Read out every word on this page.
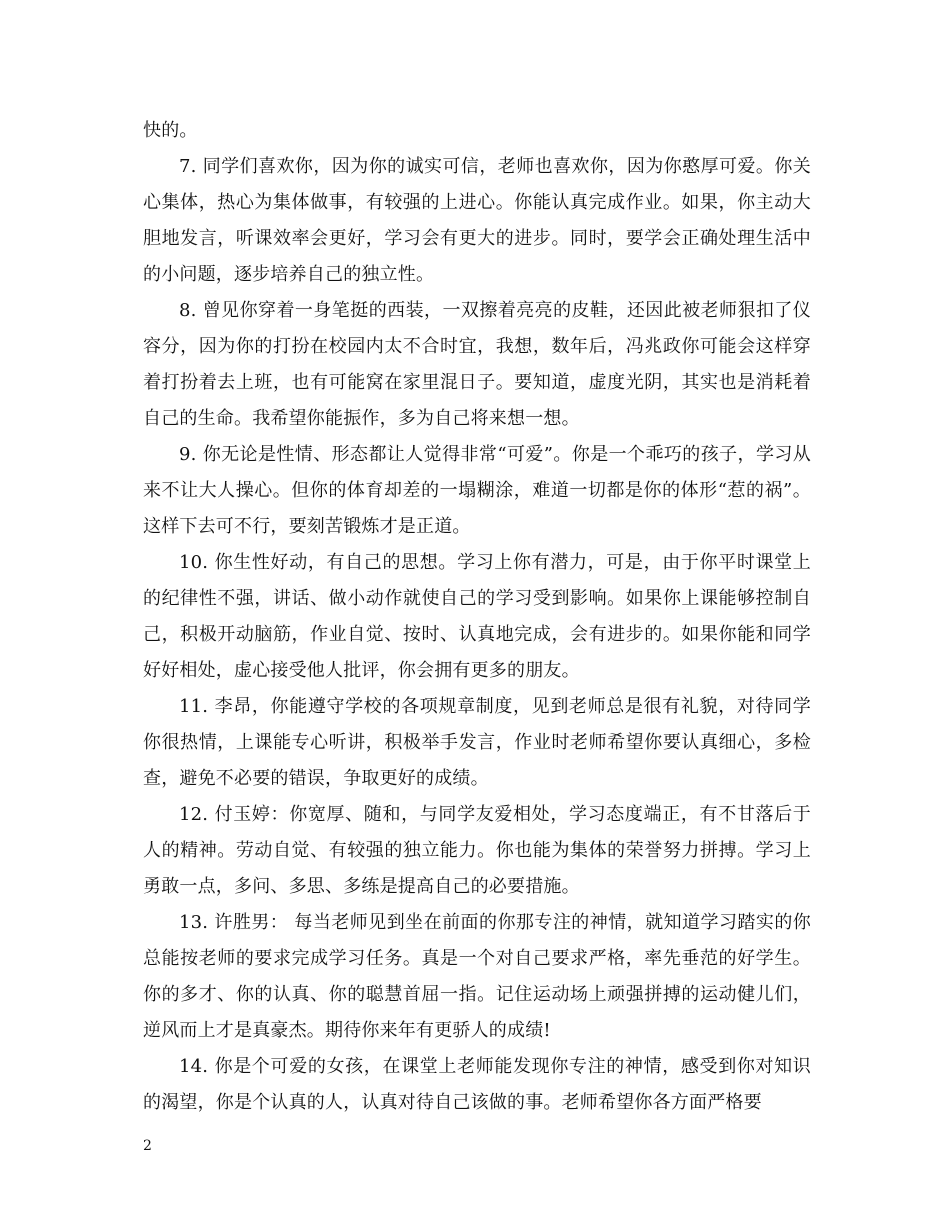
快的。

7. 同学们喜欢你，因为你的诚实可信，老师也喜欢你，因为你憨厚可爱。你关心集体，热心为集体做事，有较强的上进心。你能认真完成作业。如果，你主动大胆地发言，听课效率会更好，学习会有更大的进步。同时，要学会正确处理生活中的小问题，逐步培养自己的独立性。

8. 曾见你穿着一身笔挺的西装，一双擦着亮亮的皮鞋，还因此被老师狠扣了仪容分，因为你的打扮在校园内太不合时宜，我想，数年后，冯兆政你可能会这样穿着打扮着去上班，也有可能窝在家里混日子。要知道，虚度光阴，其实也是消耗着自己的生命。我希望你能振作，多为自己将来想一想。

9. 你无论是性情、形态都让人觉得非常“可爱”。你是一个乖巧的孩子，学习从来不让大人操心。但你的体育却差的一塌糊涂，难道一切都是你的体形“惹的祸”。这样下去可不行，要刻苦锻炼才是正道。

10. 你生性好动，有自己的思想。学习上你有潜力，可是，由于你平时课堂上的纪律性不强，讲话、做小动作就使自己的学习受到影响。如果你上课能够控制自己，积极开动脑筋，作业自觉、按时、认真地完成，会有进步的。如果你能和同学好好相处，虚心接受他人批评，你会拥有更多的朋友。

11. 李昂，你能遵守学校的各项规章制度，见到老师总是很有礼貌，对待同学你很热情，上课能专心听讲，积极举手发言，作业时老师希望你要认真细心，多检查，避免不必要的错误，争取更好的成绩。

12. 付玉婷：你宽厚、随和，与同学友爱相处，学习态度端正，有不甘落后于人的精神。劳动自觉、有较强的独立能力。你也能为集体的荣誉努力拼搏。学习上勇敢一点，多问、多思、多练是提高自己的必要措施。

13. 许胜男： 每当老师见到坐在前面的你那专注的神情，就知道学习踏实的你总能按老师的要求完成学习任务。真是一个对自己要求严格，率先垂范的好学生。你的多才、你的认真、你的聪慧首屈一指。记住运动场上顽强拼搏的运动健儿们，逆风而上才是真豪杰。期待你来年有更骄人的成绩!

14. 你是个可爱的女孩，在课堂上老师能发现你专注的神情，感受到你对知识的渴望，你是个认真的人，认真对待自己该做的事。老师希望你各方面严格要

2
